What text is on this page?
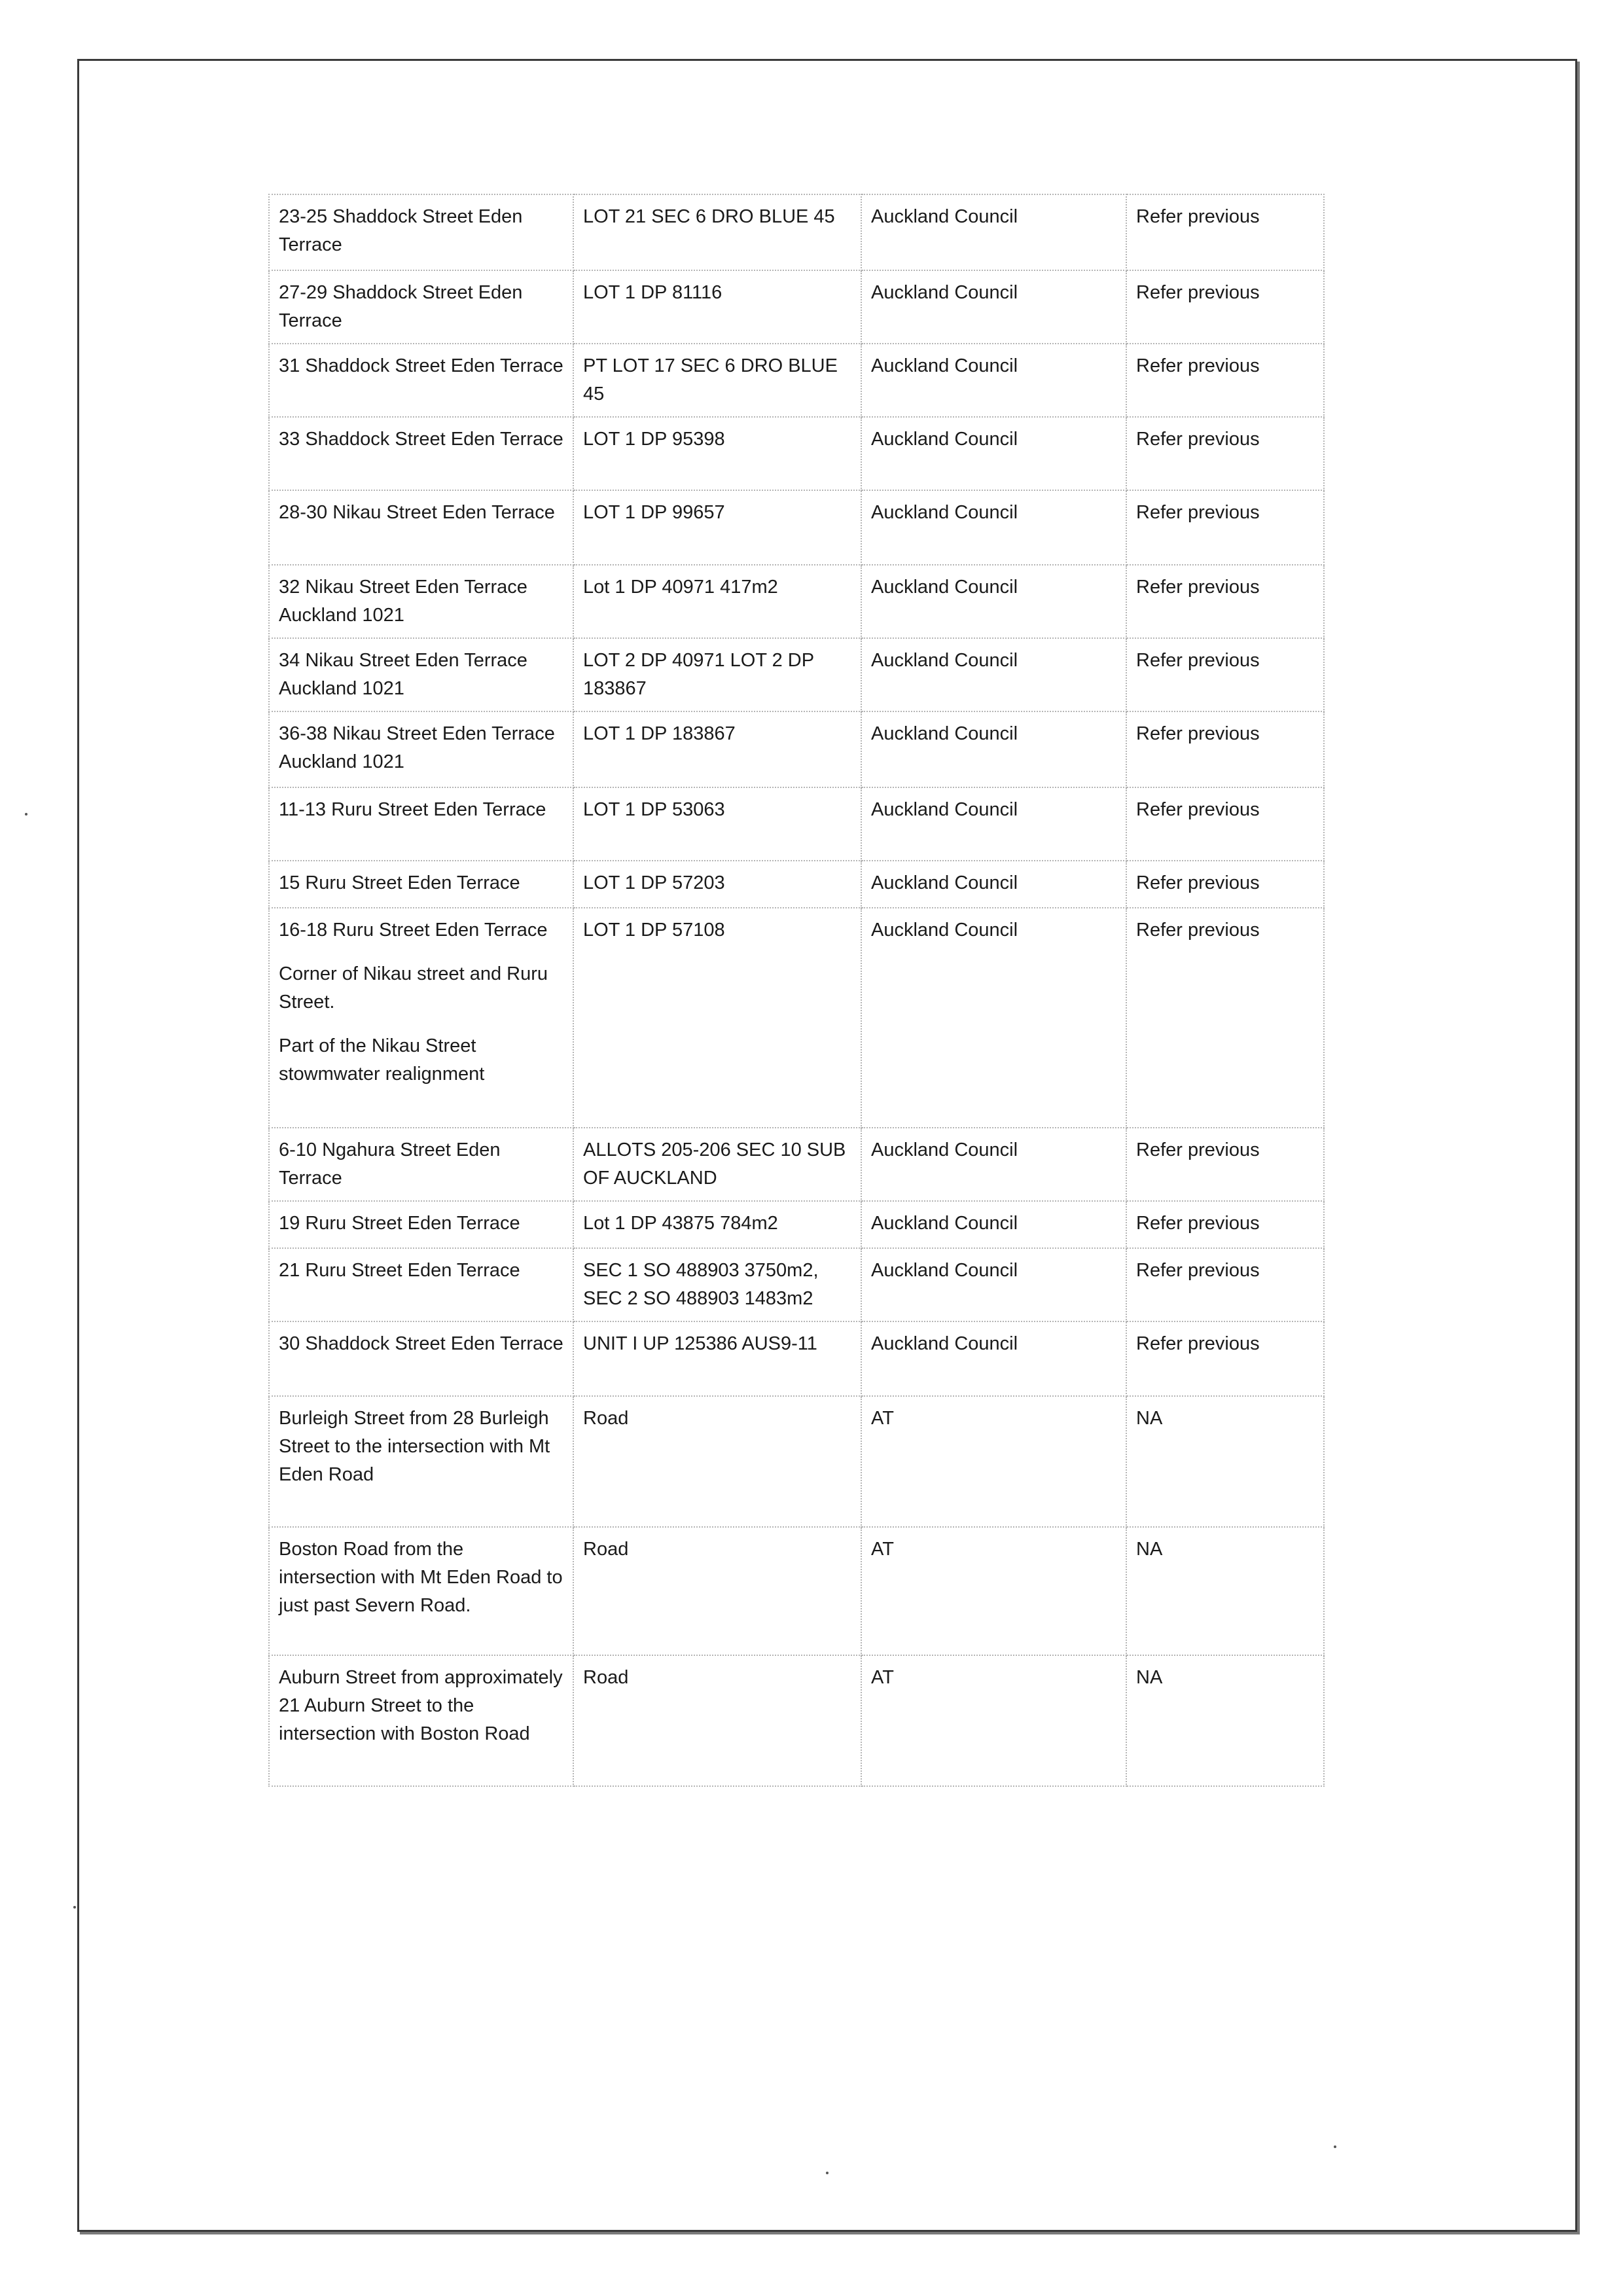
23-25 Shaddock Street Eden Terrace	LOT 21 SEC 6 DRO BLUE 45	Auckland Council	Refer previous

27-29 Shaddock Street Eden Terrace	LOT 1 DP 81116	Auckland Council	Refer previous

31 Shaddock Street Eden Terrace	PT LOT 17 SEC 6 DRO BLUE 45	Auckland Council	Refer previous

33 Shaddock Street Eden Terrace	LOT 1 DP 95398	Auckland Council	Refer previous

28-30 Nikau Street Eden Terrace	LOT 1 DP 99657	Auckland Council	Refer previous

32 Nikau Street Eden Terrace Auckland 1021	Lot 1 DP 40971 417m2	Auckland Council	Refer previous

34 Nikau Street Eden Terrace Auckland 1021	LOT 2 DP 40971 LOT 2 DP 183867	Auckland Council	Refer previous

36-38 Nikau Street Eden Terrace Auckland 1021	LOT 1 DP 183867	Auckland Council	Refer previous

11-13 Ruru Street Eden Terrace	LOT 1 DP 53063	Auckland Council	Refer previous

15 Ruru Street Eden Terrace	LOT 1 DP 57203	Auckland Council	Refer previous

16-18 Ruru Street Eden Terrace
Corner of Nikau street and Ruru Street.
Part of the Nikau Street stowmwater realignment	LOT 1 DP 57108	Auckland Council	Refer previous

6-10 Ngahura Street Eden Terrace	ALLOTS 205-206 SEC 10 SUB OF AUCKLAND	Auckland Council	Refer previous

19 Ruru Street Eden Terrace	Lot 1 DP 43875 784m2	Auckland Council	Refer previous

21 Ruru Street Eden Terrace	SEC 1 SO 488903 3750m2,
SEC 2 SO 488903 1483m2	Auckland Council	Refer previous

30 Shaddock Street Eden Terrace	UNIT I UP 125386 AUS9-11	Auckland Council	Refer previous

Burleigh Street from 28 Burleigh Street to the intersection with Mt Eden Road	Road	AT	NA

Boston Road from the intersection with Mt Eden Road to just past Severn Road.	Road	AT	NA

Auburn Street from approximately 21 Auburn Street to the intersection with Boston Road	Road	AT	NA
